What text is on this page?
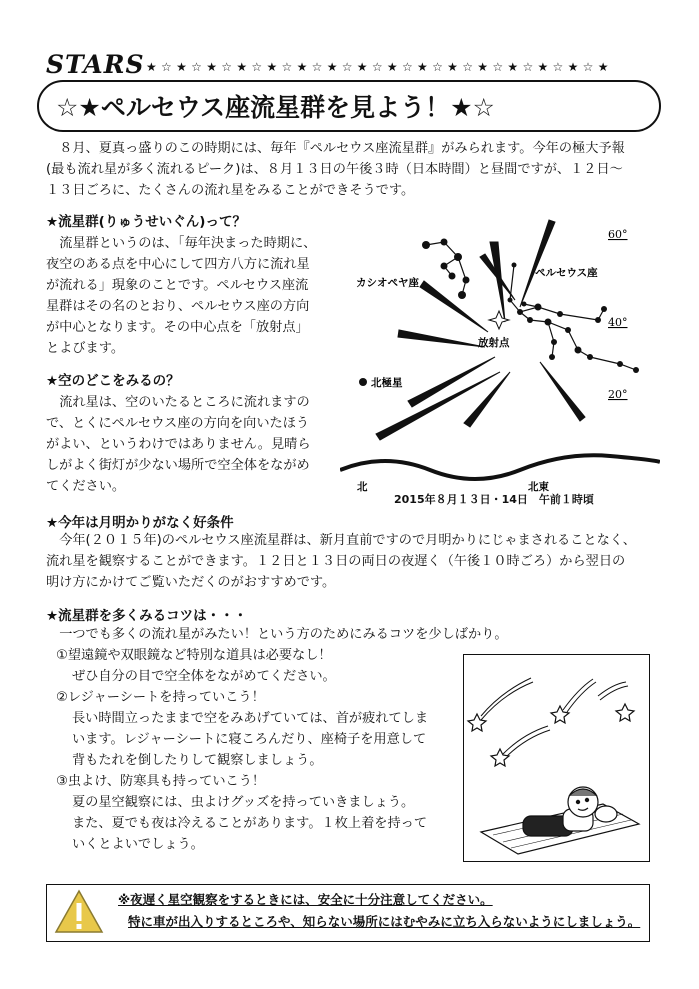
STARS ★☆★☆★☆★☆★☆★☆★☆★☆★☆★☆★☆★☆★☆★☆★☆★
☆★ペルセウス座流星群を見よう！★☆
８月、夏真っ盛りのこの時期には、毎年『ペルセウス座流星群』がみられます。今年の極大予報
(最も流れ星が多く流れるピーク)は、８月１３日の午後３時（日本時間）と昼間ですが、１２日～
１３日ごろに、たくさんの流れ星をみることができそうです。
★流星群(りゅうせいぐん)って？
流星群というのは、「毎年決まった時期に、
夜空のある点を中心にして四方八方に流れ星
が流れる」現象のことです。ペルセウス座流
星群はその名のとおり、ペルセウス座の方向
が中心となります。その中心点を「放射点」
とよびます。
★空のどこをみるの？
流れ星は、空のいたるところに流れますの
で、とくにペルセウス座の方向を向いたほう
がよい、というわけではありません。見晴ら
しがよく街灯が少ない場所で空全体をながめ
てください。
カシオペヤ座
ペルセウス座
放射点
北極星
北	北東
60°
40°
20°
2015年８月１３日・14日　午前１時頃
★今年は月明かりがなく好条件
今年(２０１５年)のペルセウス座流星群は、新月直前ですので月明かりにじゃまされることなく、
流れ星を観察することができます。１２日と１３日の両日の夜遅く（午後１０時ごろ）から翌日の
明け方にかけてご覧いただくのがおすすめです。
★流星群を多くみるコツは・・・
一つでも多くの流れ星がみたい！という方のためにみるコツを少しばかり。
①望遠鏡や双眼鏡など特別な道具は必要なし！
ぜひ自分の目で空全体をながめてください。
②レジャーシートを持っていこう！
長い時間立ったままで空をみあげていては、首が疲れてしま
います。レジャーシートに寝ころんだり、座椅子を用意して
背もたれを倒したりして観察しましょう。
③虫よけ、防寒具も持っていこう！
夏の星空観察には、虫よけグッズを持っていきましょう。
また、夏でも夜は冷えることがあります。１枚上着を持って
いくとよいでしょう。
※夜遅く星空観察をするときには、安全に十分注意してください。
特に車が出入りするところや、知らない場所にはむやみに立ち入らないようにしましょう。
